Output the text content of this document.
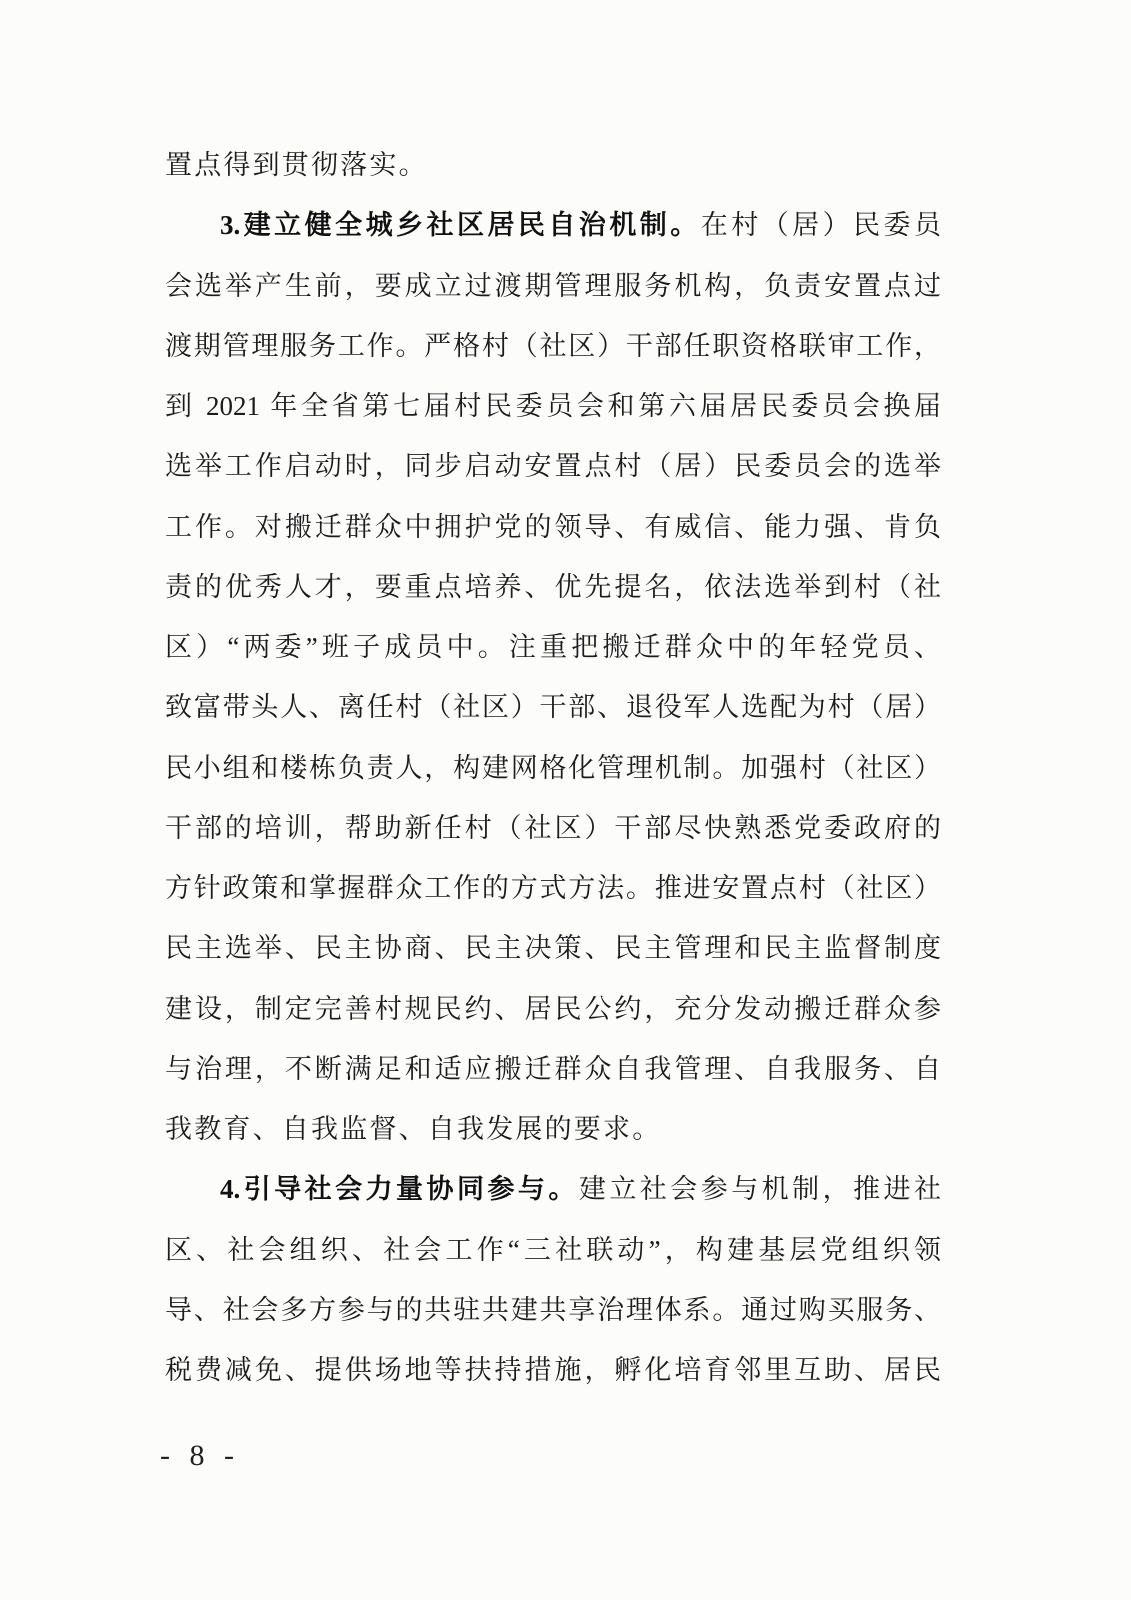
置点得到贯彻落实。
3.建立健全城乡社区居民自治机制。在村（居）民委员
会选举产生前，要成立过渡期管理服务机构，负责安置点过
渡期管理服务工作。严格村（社区）干部任职资格联审工作，
到 2021 年全省第七届村民委员会和第六届居民委员会换届
选举工作启动时，同步启动安置点村（居）民委员会的选举
工作。对搬迁群众中拥护党的领导、有威信、能力强、肯负
责的优秀人才，要重点培养、优先提名，依法选举到村（社
区）“两委”班子成员中。注重把搬迁群众中的年轻党员、
致富带头人、离任村（社区）干部、退役军人选配为村（居）
民小组和楼栋负责人，构建网格化管理机制。加强村（社区）
干部的培训，帮助新任村（社区）干部尽快熟悉党委政府的
方针政策和掌握群众工作的方式方法。推进安置点村（社区）
民主选举、民主协商、民主决策、民主管理和民主监督制度
建设，制定完善村规民约、居民公约，充分发动搬迁群众参
与治理，不断满足和适应搬迁群众自我管理、自我服务、自
我教育、自我监督、自我发展的要求。
4.引导社会力量协同参与。建立社会参与机制，推进社
区、社会组织、社会工作“三社联动”，构建基层党组织领
导、社会多方参与的共驻共建共享治理体系。通过购买服务、
税费减免、提供场地等扶持措施，孵化培育邻里互助、居民
- 8 -
